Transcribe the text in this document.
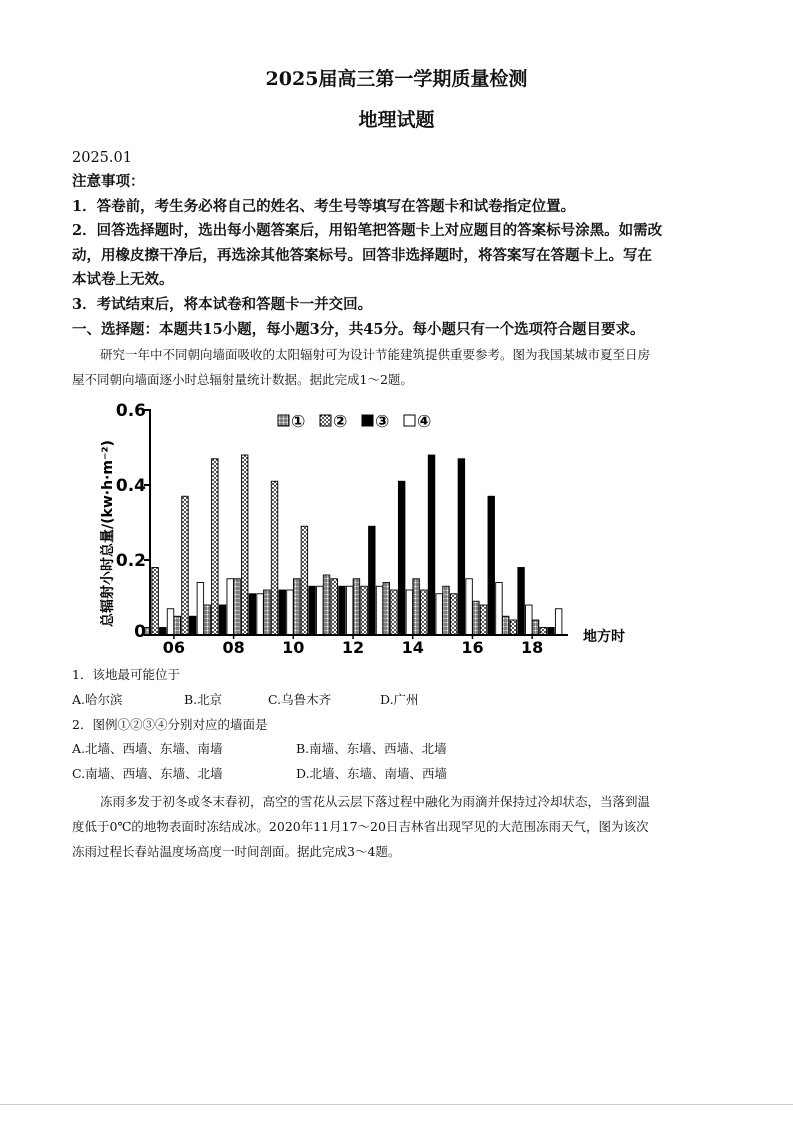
2025届高三第一学期质量检测
地理试题
2025.01
注意事项：
1．答卷前，考生务必将自己的姓名、考生号等填写在答题卡和试卷指定位置。
2．回答选择题时，选出每小题答案后，用铅笔把答题卡上对应题目的答案标号涂黑。如需改
动，用橡皮擦干净后，再选涂其他答案标号。回答非选择题时，将答案写在答题卡上。写在
本试卷上无效。
3．考试结束后，将本试卷和答题卡一并交回。
一、选择题：本题共15小题，每小题3分，共45分。每小题只有一个选项符合题目要求。
研究一年中不同朝向墙面吸收的太阳辐射可为设计节能建筑提供重要参考。图为我国某城市夏至日房
屋不同朝向墙面逐小时总辐射量统计数据。据此完成1～2题。
0
0.2
0.4
0.6
06 08 10 12 14 16 18
总辐射小时总量/(kw·h·m⁻²)
地方时
① ② ③ ④
1．该地最可能位于
A.哈尔滨	B.北京	C.乌鲁木齐	D.广州
2．图例①②③④分别对应的墙面是
A.北墙、西墙、东墙、南墙	B.南墙、东墙、西墙、北墙
C.南墙、西墙、东墙、北墙	D.北墙、东墙、南墙、西墙
冻雨多发于初冬或冬末春初，高空的雪花从云层下落过程中融化为雨滴并保持过冷却状态，当落到温
度低于0℃的地物表面时冻结成冰。2020年11月17～20日吉林省出现罕见的大范围冻雨天气，图为该次
冻雨过程长春站温度场高度一时间剖面。据此完成3～4题。
